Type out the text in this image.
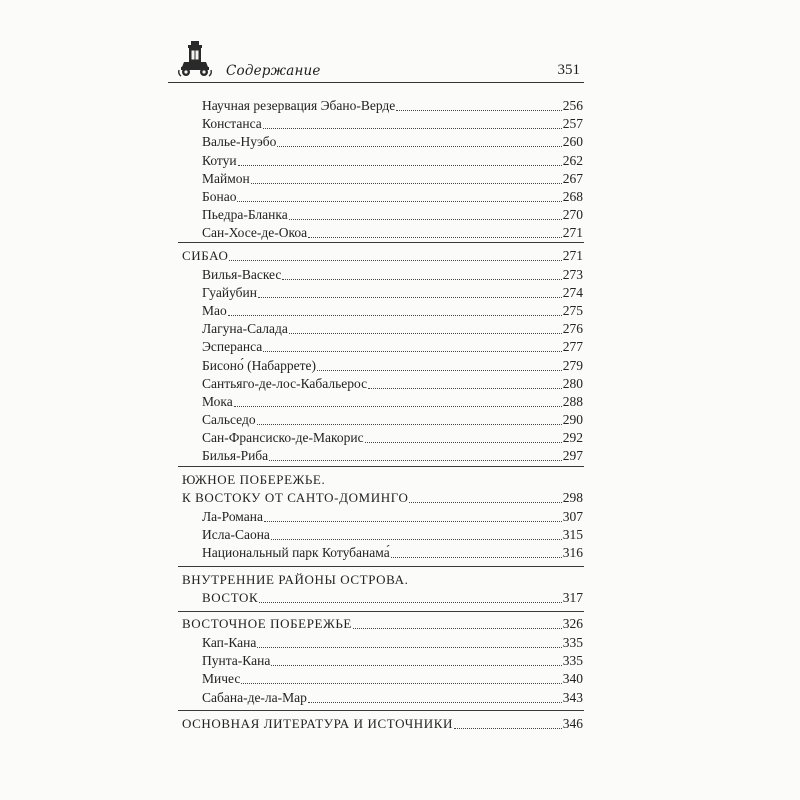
Содержание	351
Научная резервация Эбано-Верде	256
Констанса	257
Валье-Нуэбо	260
Котуи	262
Маймон	267
Бонао	268
Пьедра-Бланка	270
Сан-Хосе-де-Окоа	271
СИБАО	271
Вилья-Васкес	273
Гуайубин	274
Мао	275
Лагуна-Салада	276
Эсперанса	277
Бисоно́ (Набаррете)	279
Сантьяго-де-лос-Кабальерос	280
Мока	288
Сальседо	290
Сан-Франсиско-де-Макорис	292
Билья-Риба	297
ЮЖНОЕ ПОБЕРЕЖЬЕ.
К ВОСТОКУ ОТ САНТО-ДОМИНГО	298
Ла-Романа	307
Исла-Саона	315
Национальный парк Котубанама́	316
ВНУТРЕННИЕ РАЙОНЫ ОСТРОВА.
ВОСТОК	317
ВОСТОЧНОЕ ПОБЕРЕЖЬЕ	326
Кап-Кана	335
Пунта-Кана	335
Мичес	340
Сабана-де-ла-Мар	343
ОСНОВНАЯ ЛИТЕРАТУРА И ИСТОЧНИКИ	346
